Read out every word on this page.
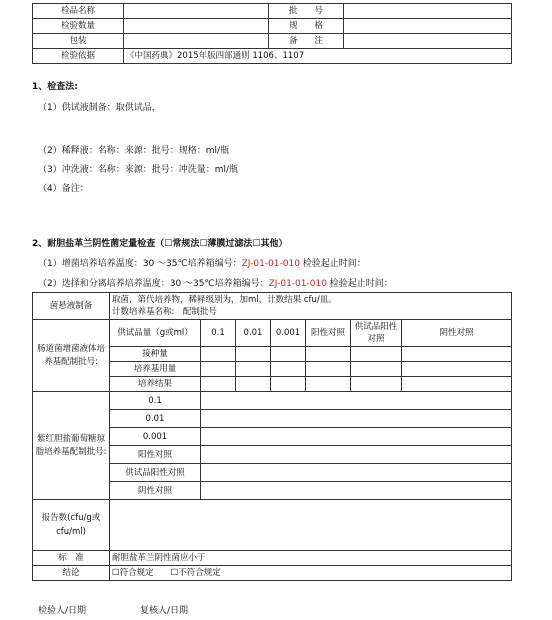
检品名称		批　　号	
检验数量		规　　格	
包装		备　　注	
检验依据	《中国药典》2015年版四部通则 1106、1107		
1、检查法:
（1）供试液制备：取供试品，
（2）稀释液：名称：来源：批号：规格：ml/瓶
（3）冲洗液：名称：来源：批号：冲洗量：ml/瓶
（4）备注：
2、耐胆盐革兰阴性菌定量检查（☐常规法☐薄膜过滤法☐其他）
（1）增菌培养培养温度：30 ～35℃培养箱编号：ZJ-01-01-010 检验起止时间：
（2）选择和分离培养培养温度：30 ～35℃培养箱编号：ZJ-01-01-010 检验起止时间：
菌悬液制备	取菌，第代培养物，稀释级别为，加ml，计数结果 cfu/皿。
计数培养基名称:　配制批号						

肠道菌增菌液体培养基配制批号:	供试品量（g或ml）	0.1	0.01	0.001	阳性对照	供试品阳性对照	阴性对照
	接种量						
	培养基用量						
	培养结果						
紫红胆盐葡萄糖琼脂培养基配制批号:	0.1						
	0.01						
	0.001						
	阳性对照						
	供试品阳性对照						
	阴性对照						
报告数(cfu/g或cfu/ml)							
标　准	耐胆盐革兰阴性菌应小于						
结论	☐符合规定　　☐不符合规定						
检验人/日期	复核人/日期
